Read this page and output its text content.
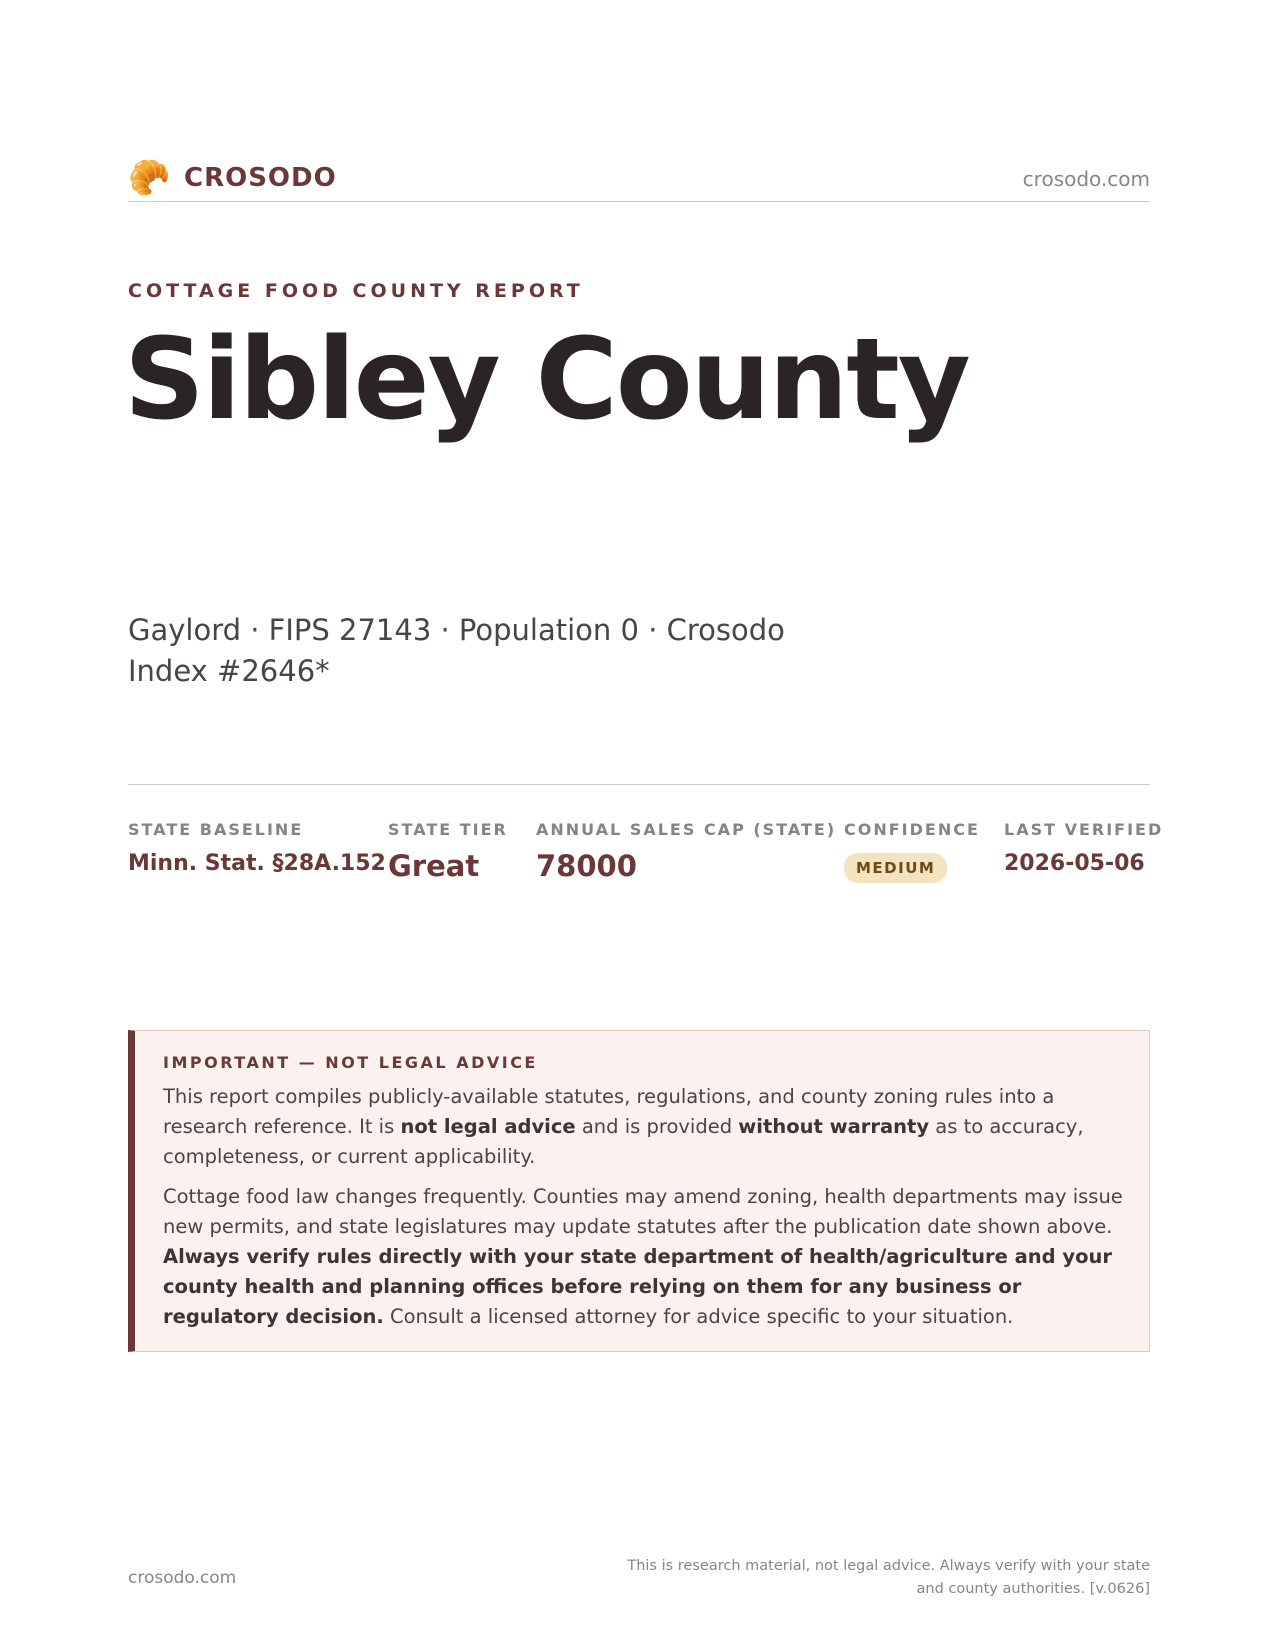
🥐 CROSODO	crosodo.com
COTTAGE FOOD COUNTY REPORT
Sibley County
Gaylord · FIPS 27143 · Population 0 · Crosodo Index #2646*
STATE BASELINE
Minn. Stat. §28A.152
STATE TIER
Great
ANNUAL SALES CAP (STATE)
78000
CONFIDENCE
MEDIUM
LAST VERIFIED
2026-05-06
IMPORTANT — NOT LEGAL ADVICE

This report compiles publicly-available statutes, regulations, and county zoning rules into a research reference. It is not legal advice and is provided without warranty as to accuracy, completeness, or current applicability.

Cottage food law changes frequently. Counties may amend zoning, health departments may issue new permits, and state legislatures may update statutes after the publication date shown above. Always verify rules directly with your state department of health/agriculture and your county health and planning offices before relying on them for any business or regulatory decision. Consult a licensed attorney for advice specific to your situation.

crosodo.com
This is research material, not legal advice. Always verify with your state and county authorities. [v.0626]
